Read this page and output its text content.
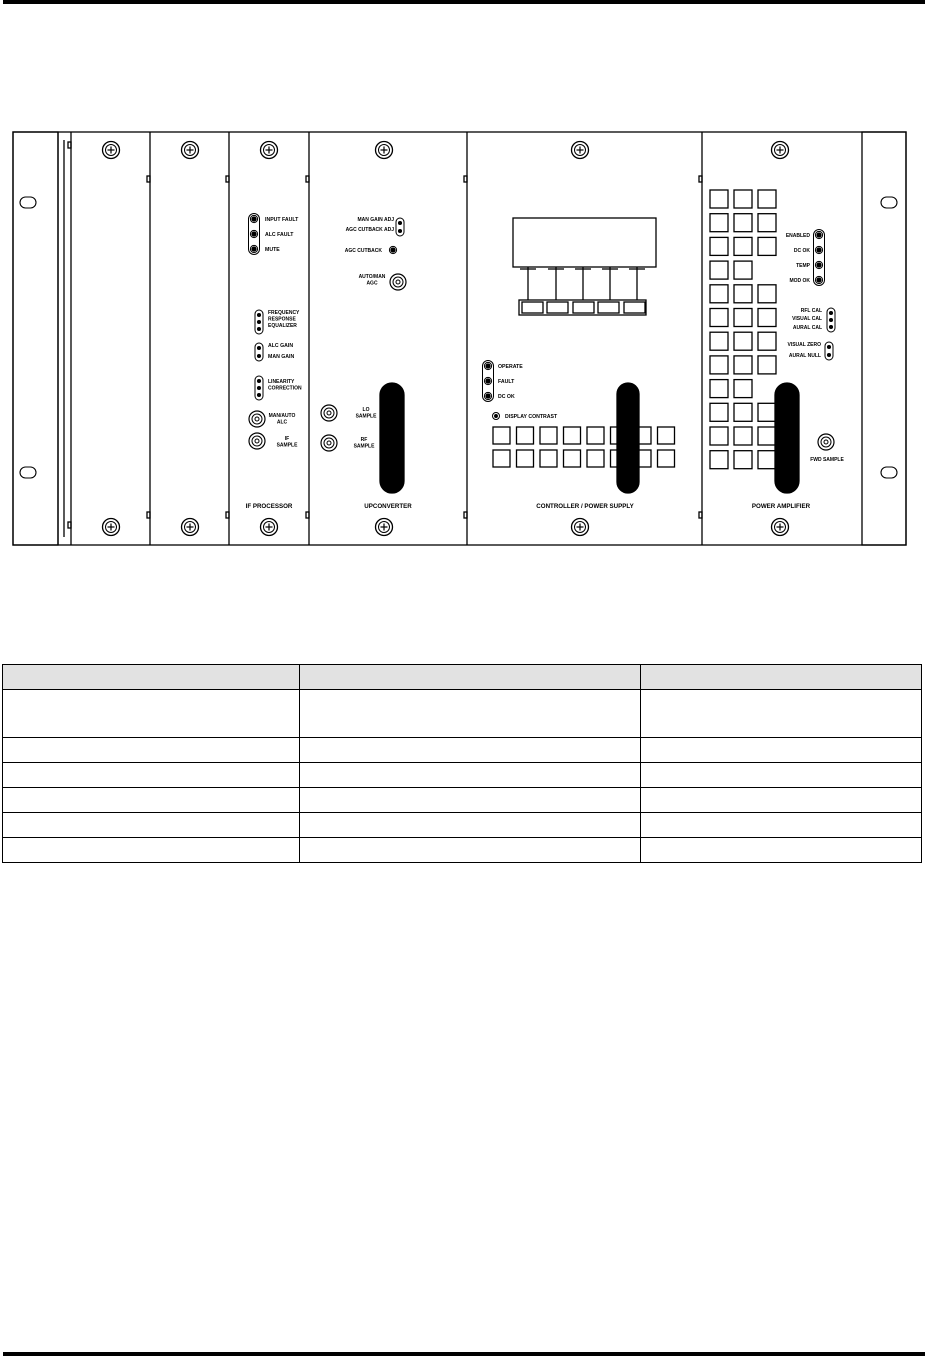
INPUT FAULT
ALC FAULT
MUTE
FREQUENCY
RESPONSE
EQUALIZER
ALC GAIN
MAN GAIN
LINEARITY
CORRECTION
MAN/AUTO
ALC
IF
SAMPLE
IF PROCESSOR
MAN GAIN ADJ
AGC CUTBACK ADJ
AGC CUTBACK
AUTO/MAN
AGC
LO
SAMPLE
RF
SAMPLE
UPCONVERTER
OPERATE
FAULT
DC OK
DISPLAY CONTRAST
CONTROLLER / POWER SUPPLY
ENABLED
DC OK
TEMP
MOD OK
RFL CAL
VISUAL CAL
AURAL CAL
VISUAL ZERO
AURAL NULL
FWD SAMPLE
POWER AMPLIFIER
